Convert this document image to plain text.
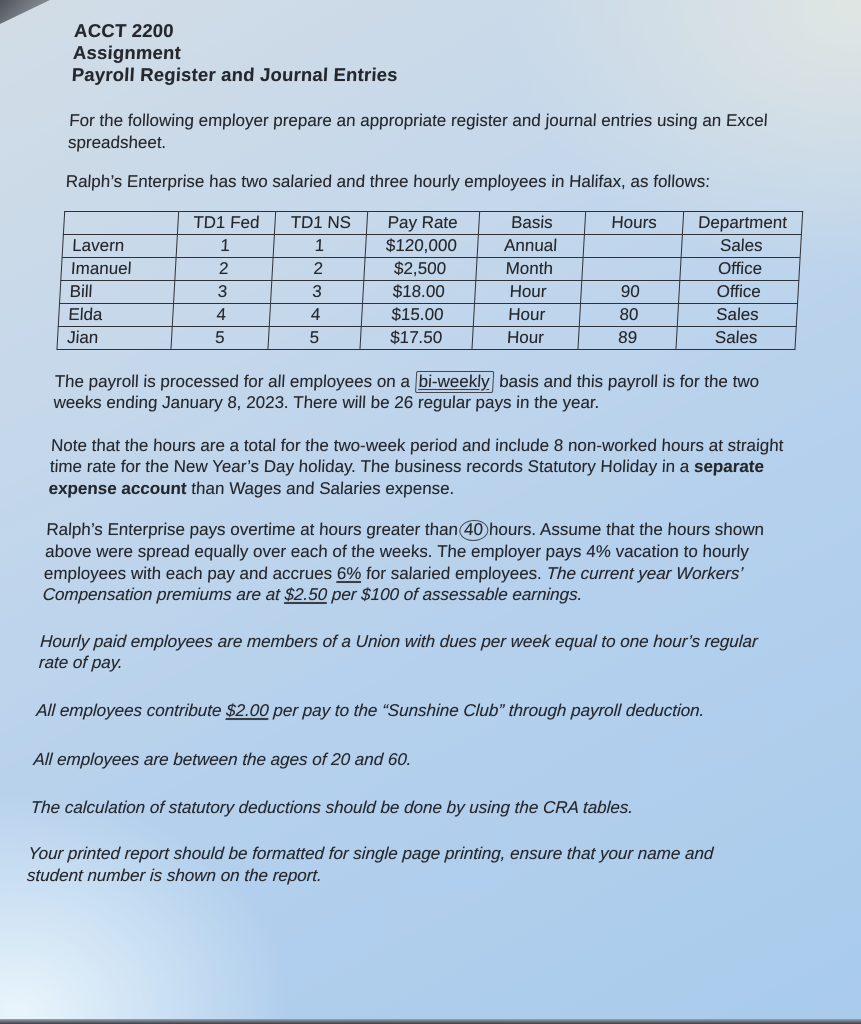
ACCT 2200
Assignment
Payroll Register and Journal Entries

For the following employer prepare an appropriate register and journal entries using an Excel spreadsheet.

Ralph’s Enterprise has two salaried and three hourly employees in Halifax, as follows:

	TD1 Fed	TD1 NS	Pay Rate	Basis	Hours	Department
Lavern	1	1	$120,000	Annual		Sales
Imanuel	2	2	$2,500	Month		Office
Bill	3	3	$18.00	Hour	90	Office
Elda	4	4	$15.00	Hour	80	Sales
Jian	5	5	$17.50	Hour	89	Sales

The payroll is processed for all employees on a bi-weekly basis and this payroll is for the two weeks ending January 8, 2023. There will be 26 regular pays in the year.

Note that the hours are a total for the two-week period and include 8 non-worked hours at straight time rate for the New Year’s Day holiday. The business records Statutory Holiday in a separate expense account than Wages and Salaries expense.

Ralph’s Enterprise pays overtime at hours greater than 40 hours. Assume that the hours shown above were spread equally over each of the weeks. The employer pays 4% vacation to hourly employees with each pay and accrues 6% for salaried employees. The current year Workers’ Compensation premiums are at $2.50 per $100 of assessable earnings.

Hourly paid employees are members of a Union with dues per week equal to one hour’s regular rate of pay.

All employees contribute $2.00 per pay to the “Sunshine Club” through payroll deduction.

All employees are between the ages of 20 and 60.

The calculation of statutory deductions should be done by using the CRA tables.

Your printed report should be formatted for single page printing, ensure that your name and student number is shown on the report.
